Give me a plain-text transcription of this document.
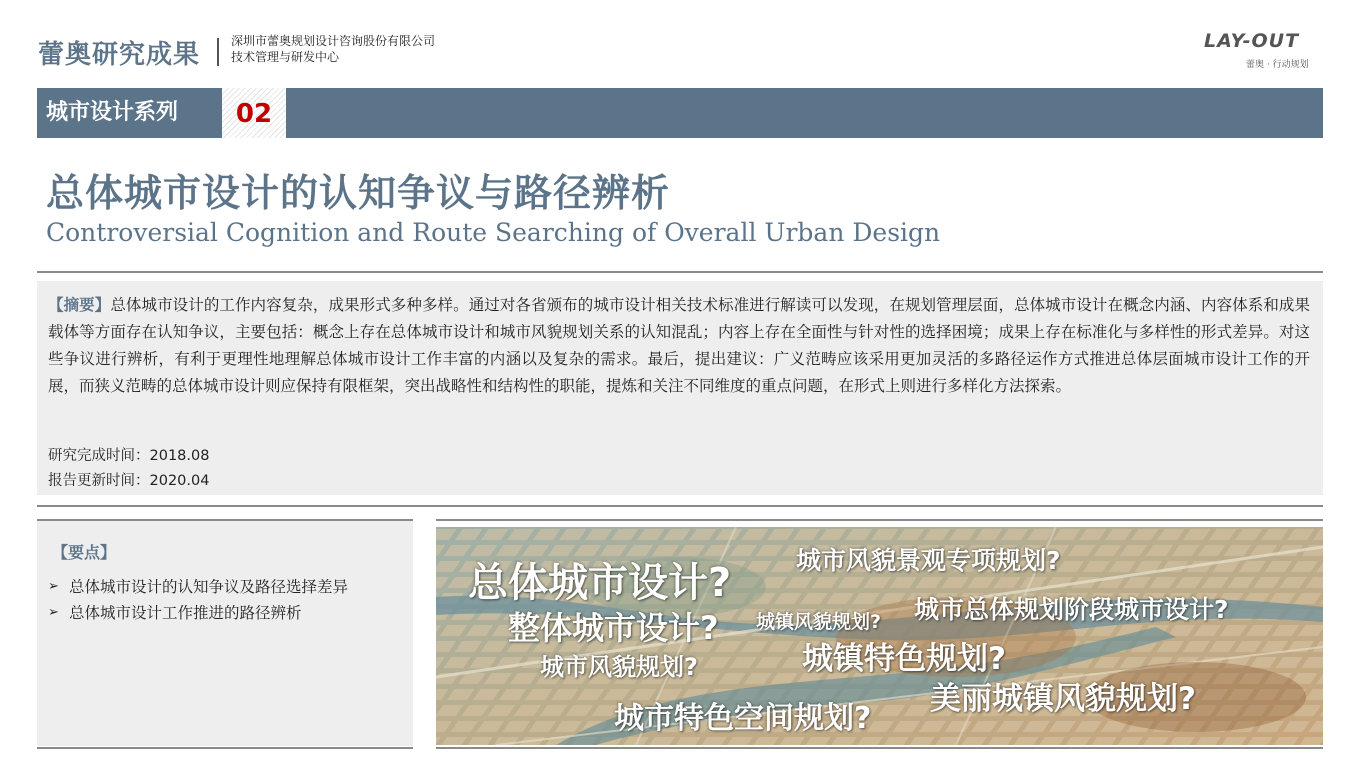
蕾奥研究成果	深圳市蕾奥规划设计咨询股份有限公司
技术管理与研发中心
LAY-OUT
蕾奥 · 行动规划
城市设计系列	02
总体城市设计的认知争议与路径辨析
Controversial Cognition and Route Searching of Overall Urban Design
【摘要】总体城市设计的工作内容复杂，成果形式多种多样。通过对各省颁布的城市设计相关技术标准进行解读可以发现，在规划管理层面，总体城市设计在概念内涵、内容体系和成果载体等方面存在认知争议，主要包括：概念上存在总体城市设计和城市风貌规划关系的认知混乱；内容上存在全面性与针对性的选择困境；成果上存在标准化与多样性的形式差异。对这些争议进行辨析，有利于更理性地理解总体城市设计工作丰富的内涵以及复杂的需求。最后，提出建议：广义范畴应该采用更加灵活的多路径运作方式推进总体层面城市设计工作的开展，而狭义范畴的总体城市设计则应保持有限框架，突出战略性和结构性的职能，提炼和关注不同维度的重点问题，在形式上则进行多样化方法探索。
研究完成时间：2018.08
报告更新时间：2020.04
【要点】
➢ 总体城市设计的认知争议及路径选择差异
➢ 总体城市设计工作推进的路径辨析
总体城市设计?	城市风貌景观专项规划?
整体城市设计? 城镇风貌规划? 城市总体规划阶段城市设计?
城市风貌规划?	城镇特色规划?
美丽城镇风貌规划?
城市特色空间规划?
